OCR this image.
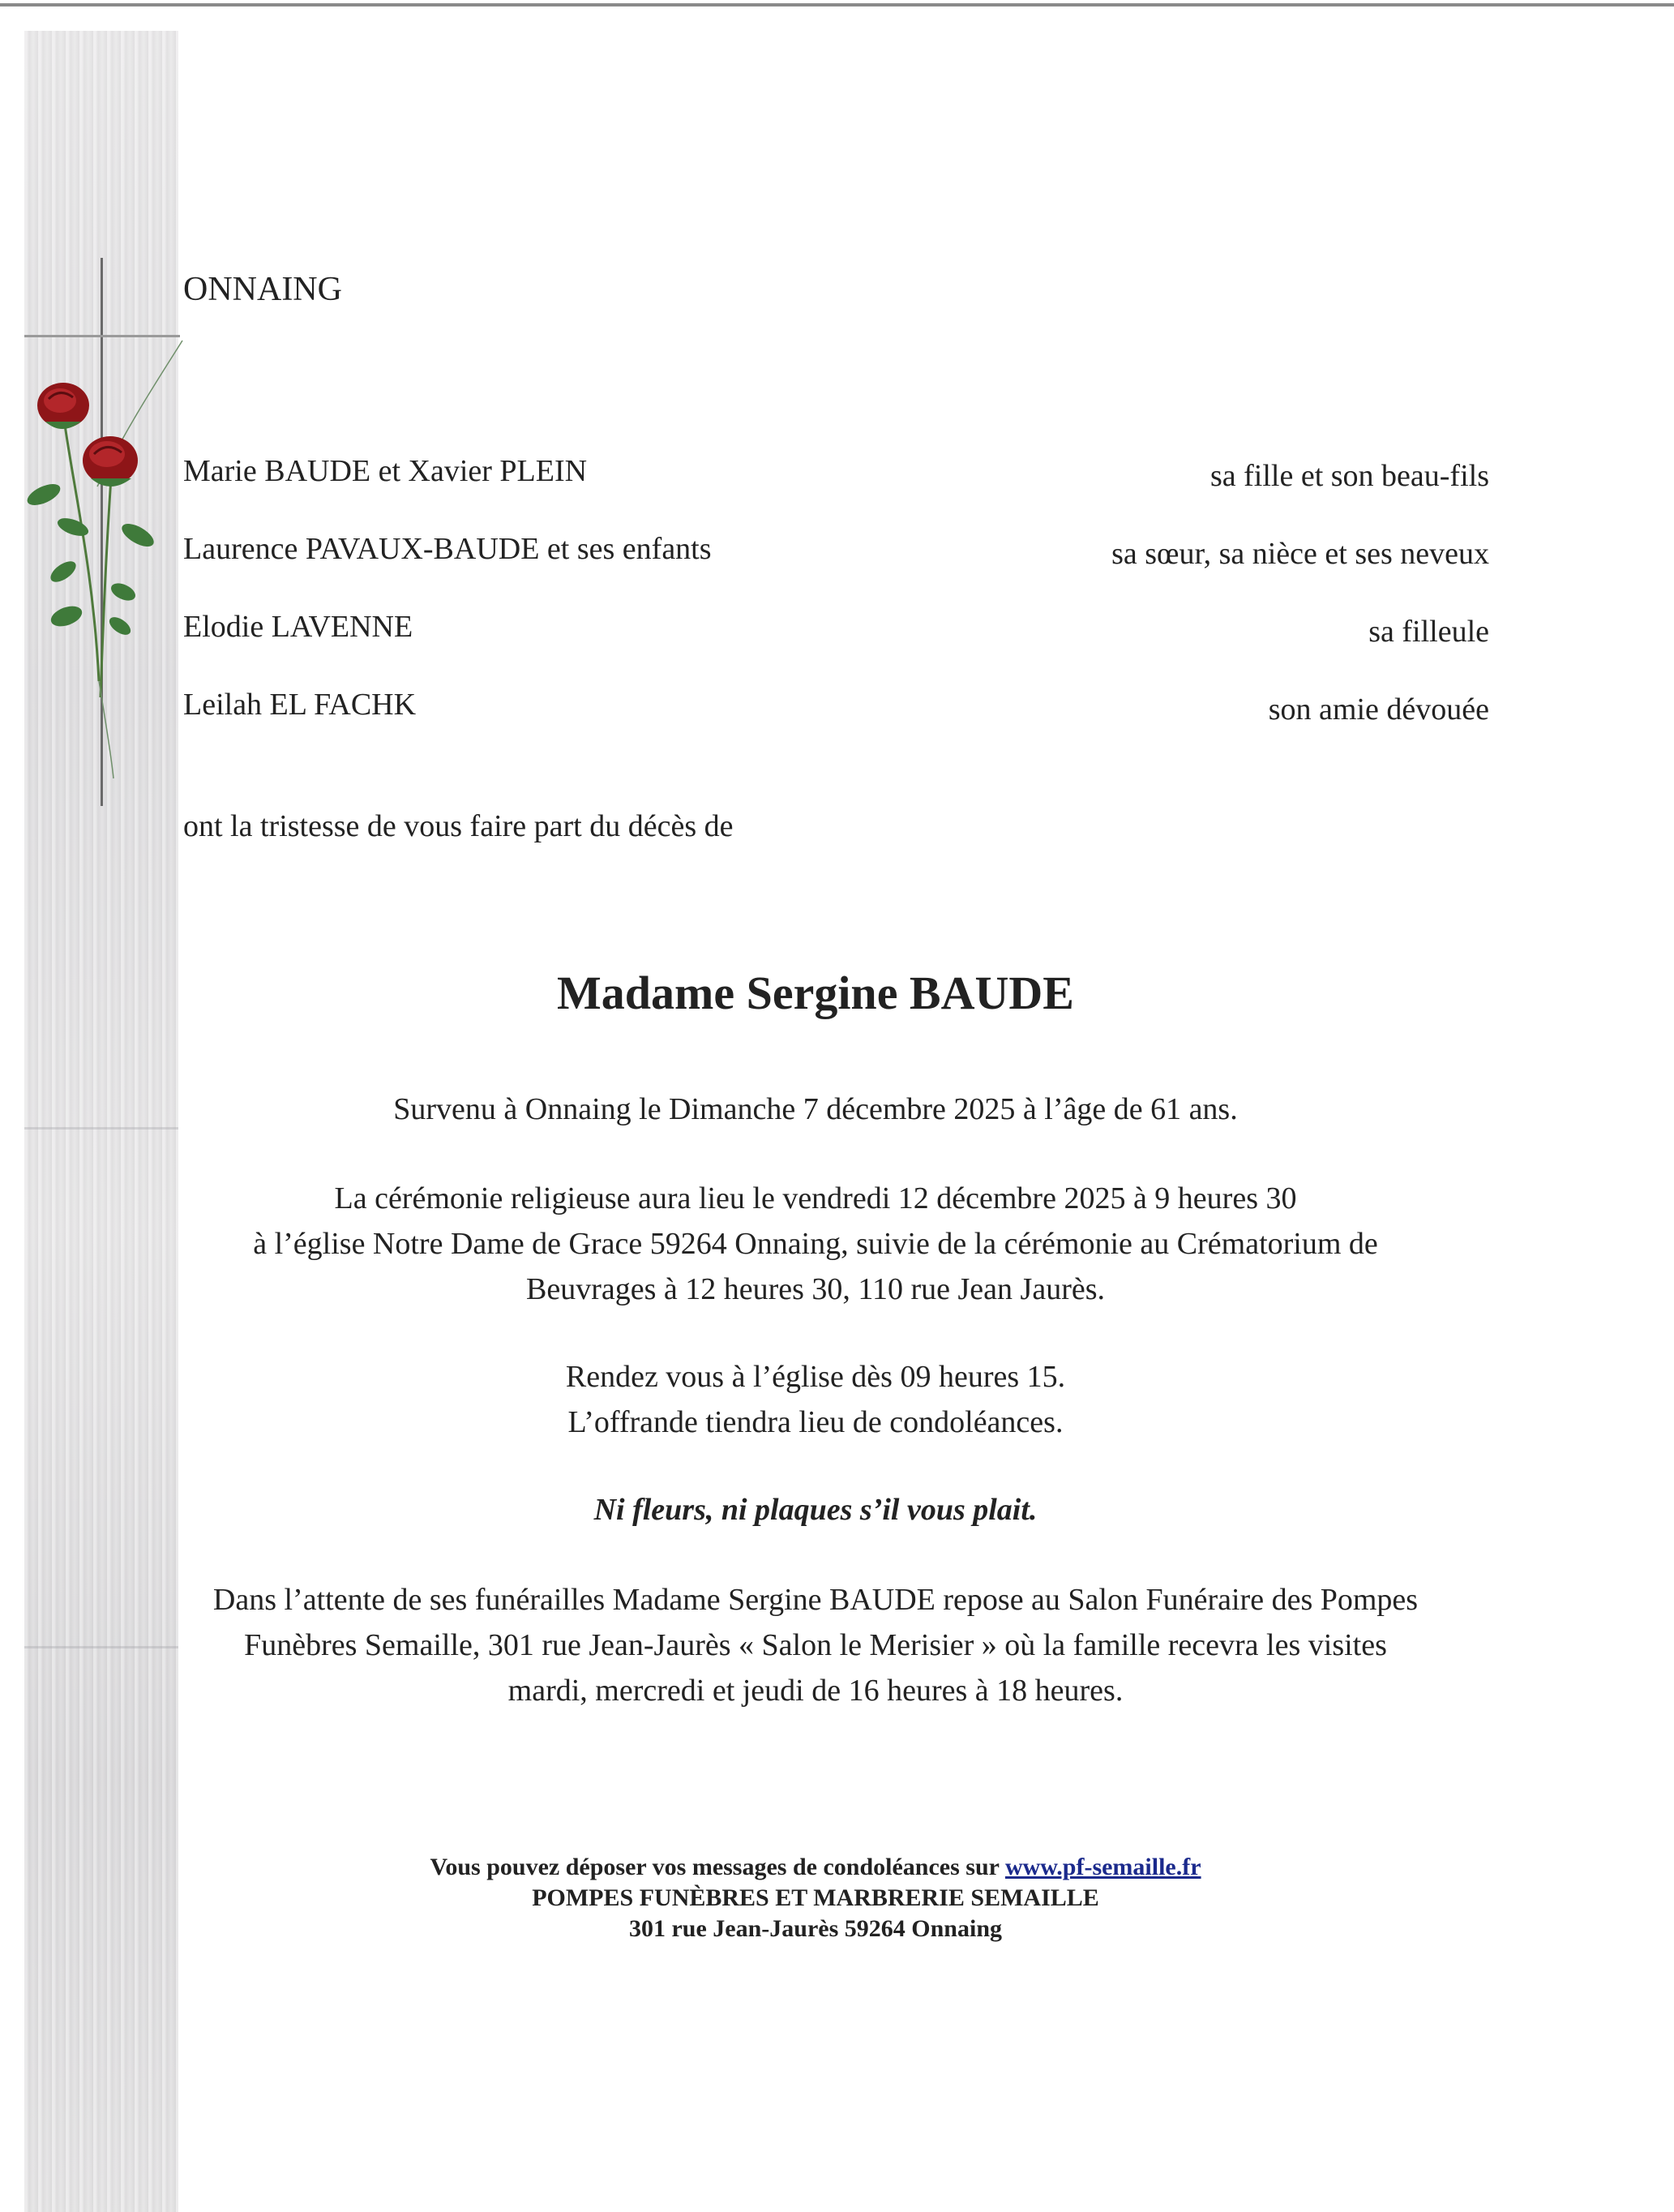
ONNAING

Marie BAUDE et Xavier PLEIN	sa fille et son beau-fils

Laurence PAVAUX-BAUDE et ses enfants	sa sœur, sa nièce et ses neveux

Elodie LAVENNE	sa filleule

Leilah EL FACHK	son amie dévouée

ont la tristesse de vous faire part du décès de

Madame Sergine BAUDE

Survenu à Onnaing le Dimanche 7 décembre 2025 à l’âge de 61 ans.

La cérémonie religieuse aura lieu le vendredi 12 décembre 2025 à 9 heures 30
à l’église Notre Dame de Grace 59264 Onnaing, suivie de la cérémonie au Crématorium de
Beuvrages à 12 heures 30, 110 rue Jean Jaurès.
Rendez vous à l’église dès 09 heures 15.
L’offrande tiendra lieu de condoléances.

Ni fleurs, ni plaques s’il vous plait.

Dans l’attente de ses funérailles Madame Sergine BAUDE repose au Salon Funéraire des Pompes
Funèbres Semaille, 301 rue Jean-Jaurès « Salon le Merisier » où la famille recevra les visites
mardi, mercredi et jeudi de 16 heures à 18 heures.
Vous pouvez déposer vos messages de condoléances sur www.pf-semaille.fr
POMPES FUNÈBRES ET MARBRERIE SEMAILLE
301 rue Jean-Jaurès 59264 Onnaing
